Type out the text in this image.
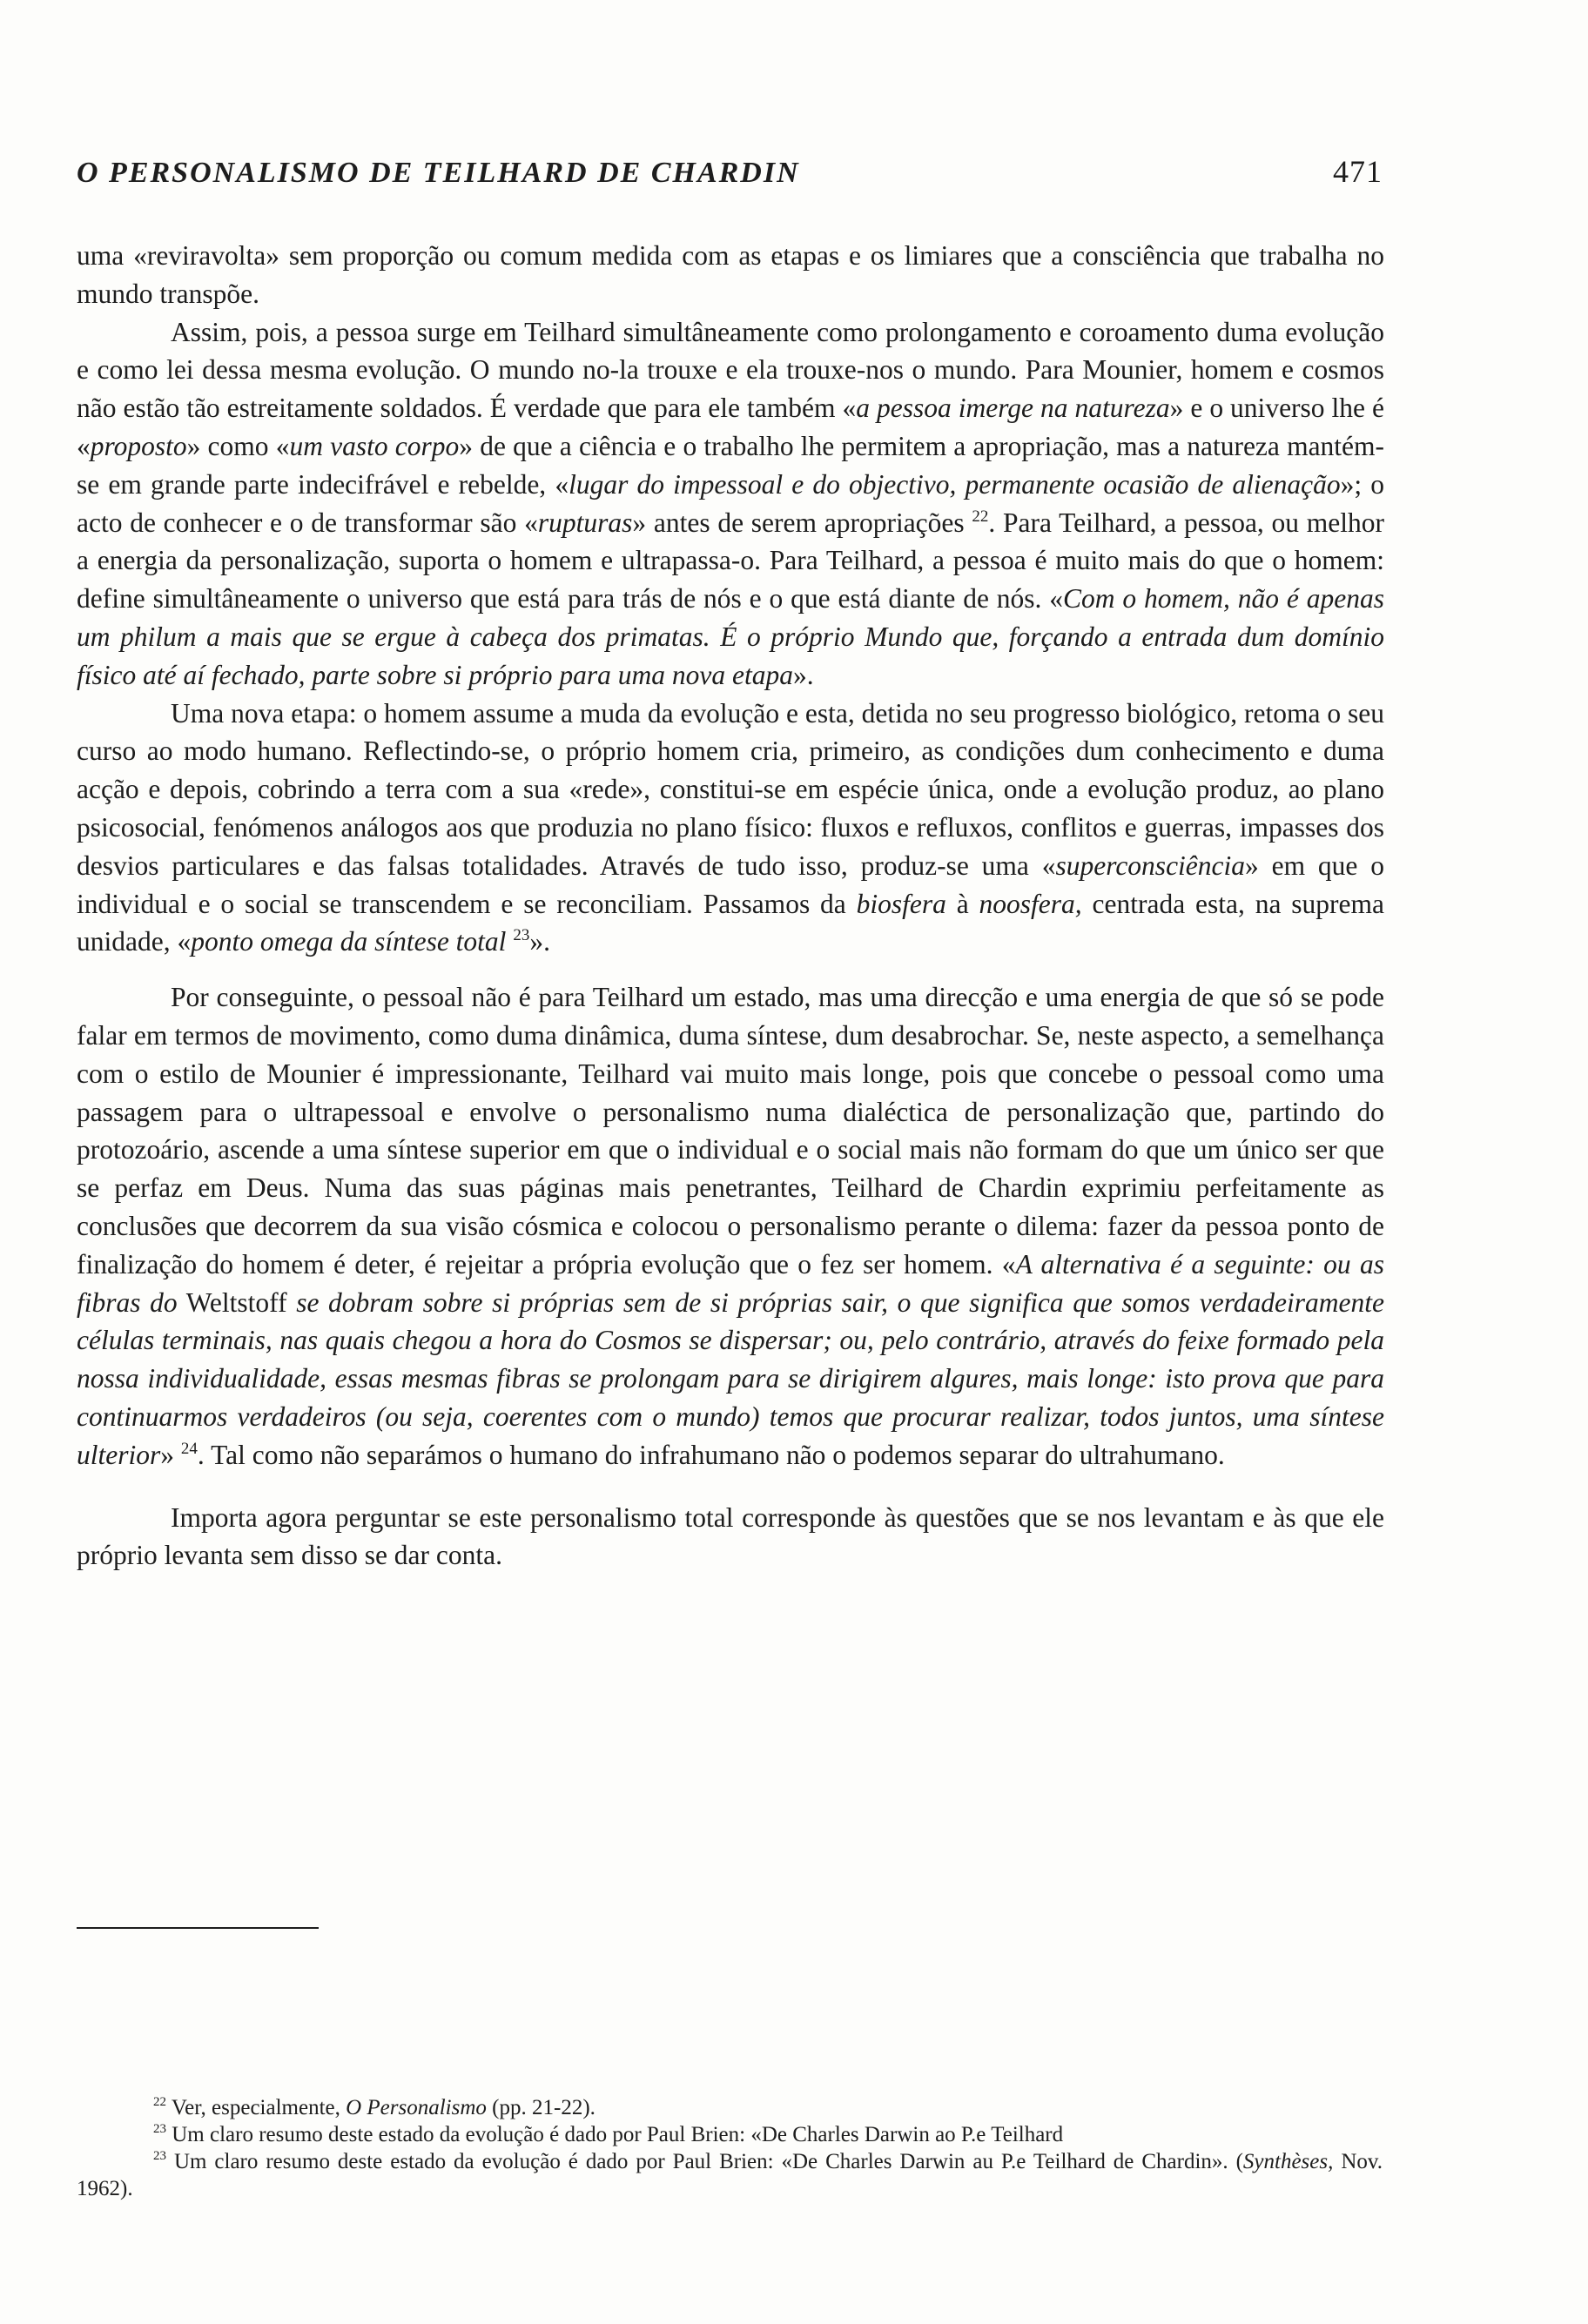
O PERSONALISMO DE TEILHARD DE CHARDIN	471

uma «reviravolta» sem proporção ou comum medida com as etapas e os limiares que a consciência que trabalha no mundo transpõe.

Assim, pois, a pessoa surge em Teilhard simultâneamente como prolongamento e coroamento duma evolução e como lei dessa mesma evolução. O mundo no-la trouxe e ela trouxe-nos o mundo. Para Mounier, homem e cosmos não estão tão estreitamente soldados. É verdade que para ele também «a pessoa imerge na natureza» e o universo lhe é «proposto» como «um vasto corpo» de que a ciência e o trabalho lhe permitem a apropriação, mas a natureza mantém-se em grande parte indecifrável e rebelde, «lugar do impessoal e do objectivo, permanente ocasião de alienação»; o acto de conhecer e o de transformar são «rupturas» antes de serem apropriações $^{22}$. Para Teilhard, a pessoa, ou melhor a energia da personalização, suporta o homem e ultrapassa-o. Para Teilhard, a pessoa é muito mais do que o homem: define simultâneamente o universo que está para trás de nós e o que está diante de nós. «Com o homem, não é apenas um philum a mais que se ergue à cabeça dos primatas. É o próprio Mundo que, forçando a entrada dum domínio físico até aí fechado, parte sobre si próprio para uma nova etapa».

Uma nova etapa: o homem assume a muda da evolução e esta, detida no seu progresso biológico, retoma o seu curso ao modo humano. Reflectindo-se, o próprio homem cria, primeiro, as condições dum conhecimento e duma acção e depois, cobrindo a terra com a sua «rede», constitui-se em espécie única, onde a evolução produz, ao plano psicosocial, fenómenos análogos aos que produzia no plano físico: fluxos e refluxos, conflitos e guerras, impasses dos desvios particulares e das falsas totalidades. Através de tudo isso, produz-se uma «superconsciência» em que o individual e o social se transcendem e se reconciliam. Passamos da biosfera à noosfera, centrada esta, na suprema unidade, «ponto omega da síntese total $^{23}$».

Por conseguinte, o pessoal não é para Teilhard um estado, mas uma direcção e uma energia de que só se pode falar em termos de movimento, como duma dinâmica, duma síntese, dum desabrochar. Se, neste aspecto, a semelhança com o estilo de Mounier é impressionante, Teilhard vai muito mais longe, pois que concebe o pessoal como uma passagem para o ultrapessoal e envolve o personalismo numa dialéctica de personalização que, partindo do protozoário, ascende a uma síntese superior em que o individual e o social mais não formam do que um único ser que se perfaz em Deus. Numa das suas páginas mais penetrantes, Teilhard de Chardin exprimiu perfeitamente as conclusões que decorrem da sua visão cósmica e colocou o personalismo perante o dilema: fazer da pessoa ponto de finalização do homem é deter, é rejeitar a própria evolução que o fez ser homem. «A alternativa é a seguinte: ou as fibras do Weltstoff se dobram sobre si próprias sem de si próprias sair, o que significa que somos verdadeiramente células terminais, nas quais chegou a hora do Cosmos se dispersar; ou, pelo contrário, através do feixe formado pela nossa individualidade, essas mesmas fibras se prolongam para se dirigirem algures, mais longe: isto prova que para continuarmos verdadeiros (ou seja, coerentes com o mundo) temos que procurar realizar, todos juntos, uma síntese ulterior» $^{24}$. Tal como não separámos o humano do infrahumano não o podemos separar do ultrahumano.

Importa agora perguntar se este personalismo total corresponde às questões que se nos levantam e às que ele próprio levanta sem disso se dar conta.

$^{22}$ Ver, especialmente, O Personalismo (pp. 21-22).

$^{23}$ Um claro resumo deste estado da evolução é dado por Paul Brien: «De Charles Darwin ao P.e Teilhard

$^{23}$ Um claro resumo deste estado da evolução é dado por Paul Brien: «De Charles Darwin au P.e Teilhard de Chardin». (Synthèses, Nov. 1962).
